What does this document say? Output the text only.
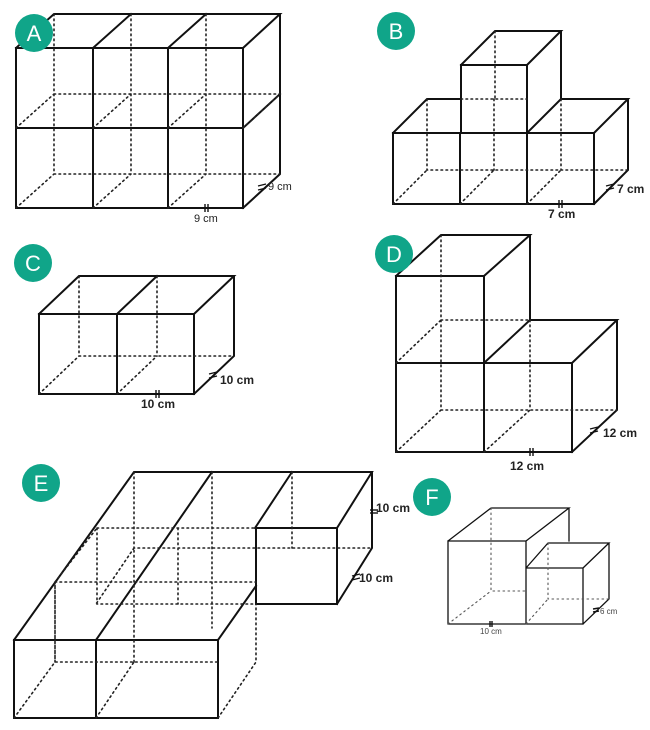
9 cm
9 cm
7 cm
7 cm
10 cm
10 cm
12 cm
12 cm
10 cm
10 cm
6 cm
10 cm
A	B
C	D
E
F
